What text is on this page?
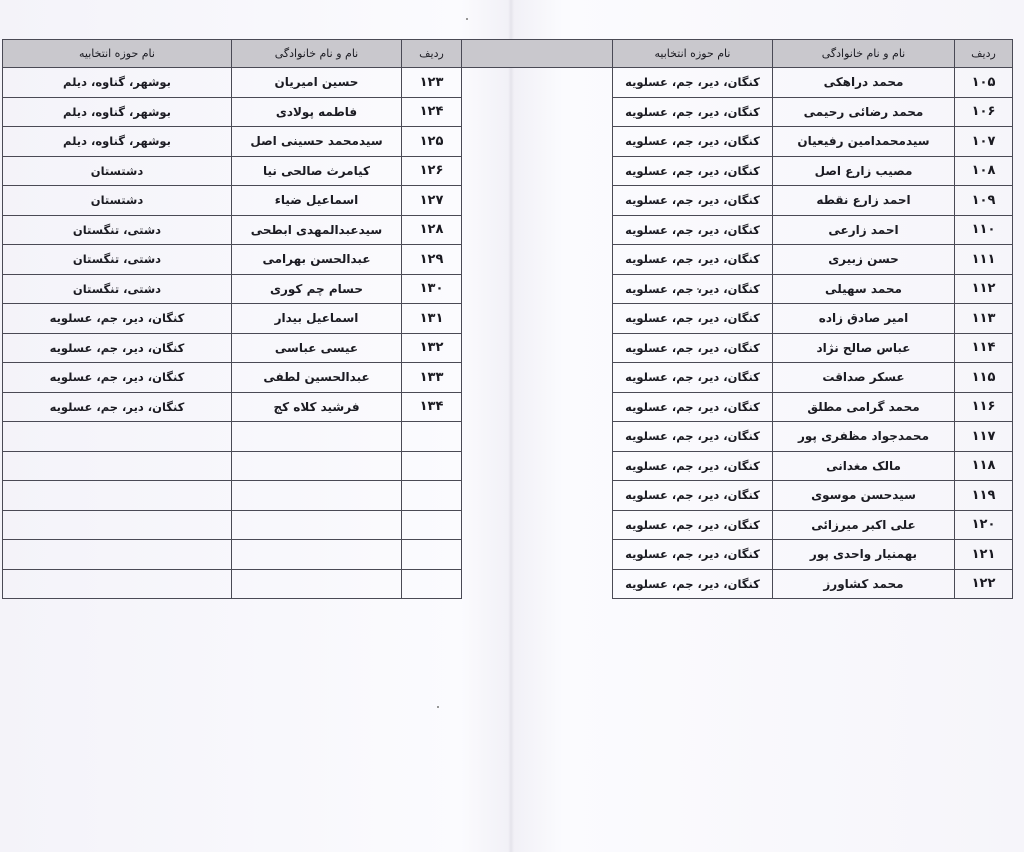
ردیف	نام و نام خانوادگی	نام حوزه انتخابیه		ردیف	نام و نام خانوادگی	نام حوزه انتخابیه
۱۰۵	محمد دراهکی	کنگان، دیر، جم، عسلویه		۱۲۳	حسین امیریان	بوشهر، گناوه، دیلم
۱۰۶	محمد رضائی رحیمی	کنگان، دیر، جم، عسلویه		۱۲۴	فاطمه پولادی	بوشهر، گناوه، دیلم
۱۰۷	سیدمحمدامین رفیعیان	کنگان، دیر، جم، عسلویه		۱۲۵	سیدمحمد حسینی اصل	بوشهر، گناوه، دیلم
۱۰۸	مصیب زارع اصل	کنگان، دیر، جم، عسلویه		۱۲۶	کیامرث صالحی نیا	دشتستان
۱۰۹	احمد زارع نقطه	کنگان، دیر، جم، عسلویه		۱۲۷	اسماعیل ضیاء	دشتستان
۱۱۰	احمد زارعی	کنگان، دیر، جم، عسلویه		۱۲۸	سیدعبدالمهدی ابطحی	دشتی، تنگستان
۱۱۱	حسن زبیری	کنگان، دیر، جم، عسلویه		۱۲۹	عبدالحسن بهرامی	دشتی، تنگستان
۱۱۲	محمد سهیلی	کنگان، دیر، جم، عسلویه		۱۳۰	حسام چم کوری	دشتی، تنگستان
۱۱۳	امیر صادق زاده	کنگان، دیر، جم، عسلویه		۱۳۱	اسماعیل بیدار	کنگان، دیر، جم، عسلویه
۱۱۴	عباس صالح نژاد	کنگان، دیر، جم، عسلویه		۱۳۲	عیسی عباسی	کنگان، دیر، جم، عسلویه
۱۱۵	عسکر صداقت	کنگان، دیر، جم، عسلویه		۱۳۳	عبدالحسین لطفی	کنگان، دیر، جم، عسلویه
۱۱۶	محمد گرامی مطلق	کنگان، دیر، جم، عسلویه		۱۳۴	فرشید کلاه کج	کنگان، دیر، جم، عسلویه
۱۱۷	محمدجواد مظفری پور	کنگان، دیر، جم، عسلویه				
۱۱۸	مالک مغدانی	کنگان، دیر، جم، عسلویه				
۱۱۹	سیدحسن موسوی	کنگان، دیر، جم، عسلویه				
۱۲۰	علی اکبر میرزائی	کنگان، دیر، جم، عسلویه				
۱۲۱	بهمنیار واحدی پور	کنگان، دیر، جم، عسلویه				
۱۲۲	محمد کشاورز	کنگان، دیر، جم، عسلویه				
